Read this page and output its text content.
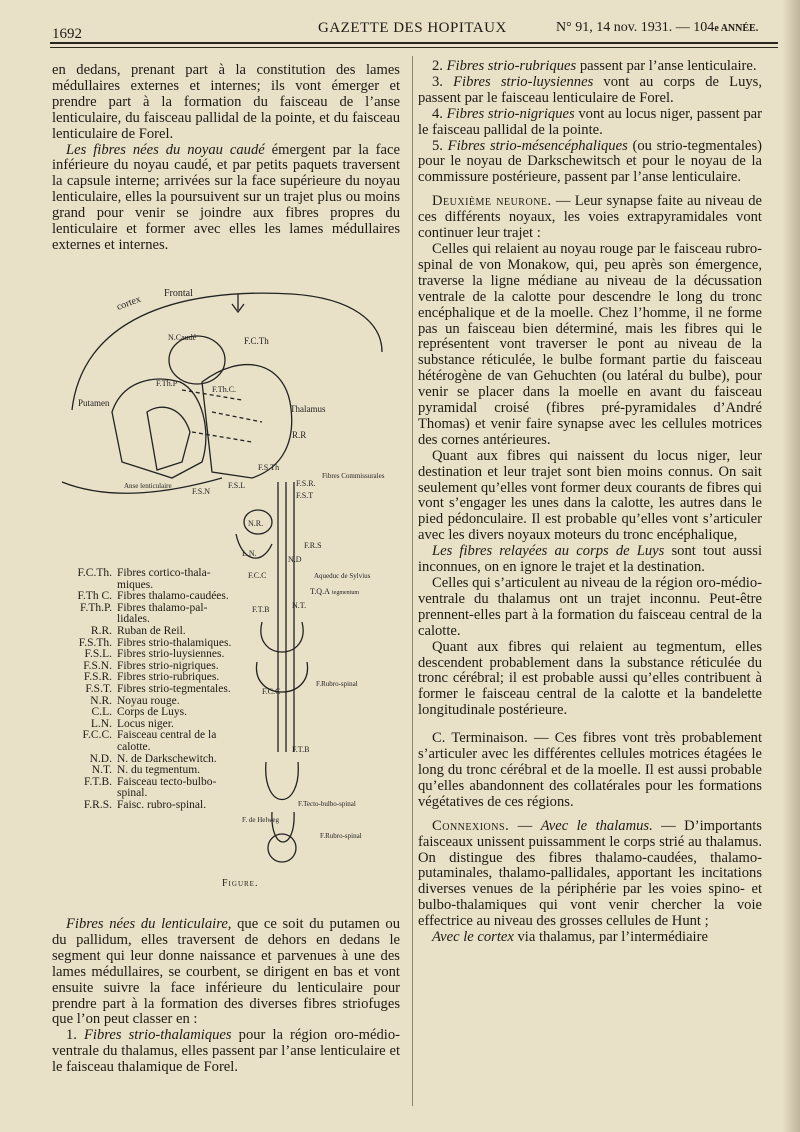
1692	GAZETTE DES HOPITAUX	N° 91, 14 nov. 1931. — 104e ANNÉE.

en dedans, prenant part à la constitution des lames médullaires externes et internes; ils vont émerger et prendre part à la formation du faisceau de l’anse lenticulaire, du faisceau pallidal de la pointe, et du faisceau lenticulaire de Forel.

Les fibres nées du noyau caudé émergent par la face inférieure du noyau caudé, et par petits paquets traversent la capsule interne; arrivées sur la face supérieure du noyau lenticulaire, elles la poursuivent sur un trajet plus ou moins grand pour venir se joindre aux fibres propres du lenticulaire et former avec elles les lames médullaires externes et internes.

cortex
Frontal
F.C.Th
N.Caudé
Putamen
F.Th.P
F.Th.C.
Thalamus
R.R
F.S.Th
Anse lenticulaire
F.S.N
F.S.L	F.S.R.
F.S.T
Fibres Commissurales
N.R.
L.N.
F.R.S
N.D
F.C.C	Aqueduc de Sylvius
T.Q.A tegmentum
F.T.B	N.T.
F.Rubro-spinal
F.C.C
F.T.B
F. de Helweg
F.Tecto-bulbo-spinal
F.Rubro-spinal
F.C.Th. Fibres cortico-thalamiques.
F.Th C. Fibres thalamo-caudées.
F.Th.P. Fibres thalamo-pallidales.
R.R. Ruban de Reil.
F.S.Th. Fibres strio-thalamiques.
F.S.L. Fibres strio-luysiennes.
F.S.N. Fibres strio-nigriques.
F.S.R. Fibres strio-rubriques.
F.S.T. Fibres strio-tegmentales.
N.R. Noyau rouge.
C.L. Corps de Luys.
L.N. Locus niger.
F.C.C. Faisceau central de la calotte.
N.D. N. de Darkschewitch.
N.T. N. du tegmentum.
F.T.B. Faisceau tecto-bulbo-spinal.
F.R.S. Faisc. rubro-spinal.
Figure.

Fibres nées du lenticulaire, que ce soit du putamen ou du pallidum, elles traversent de dehors en dedans le segment qui leur donne naissance et parvenues à une des lames médullaires, se courbent, se dirigent en bas et vont ensuite suivre la face inférieure du lenticulaire pour prendre part à la formation des diverses fibres striofuges que l’on peut classer en :

1. Fibres strio-thalamiques pour la région oro-médio-ventrale du thalamus, elles passent par l’anse lenticulaire et le faisceau thalamique de Forel.

2. Fibres strio-rubriques passent par l’anse lenticulaire.

3. Fibres strio-luysiennes vont au corps de Luys, passent par le faisceau lenticulaire de Forel.

4. Fibres strio-nigriques vont au locus niger, passent par le faisceau pallidal de la pointe.

5. Fibres strio-mésencéphaliques (ou strio-tegmentales) pour le noyau de Darkschewitsch et pour le noyau de la commissure postérieure, passent par l’anse lenticulaire.

Deuxième neurone. — Leur synapse faite au niveau de ces différents noyaux, les voies extrapyramidales vont continuer leur trajet :

Celles qui relaient au noyau rouge par le faisceau rubro-spinal de von Monakow, qui, peu après son émergence, traverse la ligne médiane au niveau de la décussation ventrale de la calotte pour descendre le long du tronc encéphalique et de la moelle. Chez l’homme, il ne forme pas un faisceau bien déterminé, mais les fibres qui le représentent vont traverser le pont au niveau de la substance réticulée, le bulbe formant partie du faisceau hétérogène de van Gehuchten (ou latéral du bulbe), pour venir se placer dans la moelle en avant du faisceau pyramidal croisé (fibres pré-pyramidales d’André Thomas) et venir faire synapse avec les cellules motrices des cornes antérieures.

Quant aux fibres qui naissent du locus niger, leur destination et leur trajet sont bien moins connus. On sait seulement qu’elles vont former deux courants de fibres qui vont s’engager les unes dans la calotte, les autres dans le pied pédonculaire. Il est probable qu’elles vont s’articuler avec les divers noyaux moteurs du tronc encéphalique,

Les fibres relayées au corps de Luys sont tout aussi inconnues, on en ignore le trajet et la destination.

Celles qui s’articulent au niveau de la région oro-médio-ventrale du thalamus ont un trajet inconnu. Peut-être prennent-elles part à la formation du faisceau central de la calotte.

Quant aux fibres qui relaient au tegmentum, elles descendent probablement dans la substance réticulée du tronc cérébral; il est probable aussi qu’elles contribuent à former le faisceau central de la calotte et la bandelette longitudinale postérieure.

C. Terminaison. — Ces fibres vont très probablement s’articuler avec les différentes cellules motrices étagées le long du tronc cérébral et de la moelle. Il est aussi probable qu’elles abandonnent des collatérales pour les formations végétatives de ces régions.

Connexions. — Avec le thalamus. — D’importants faisceaux unissent puissamment le corps strié au thalamus. On distingue des fibres thalamo-caudées, thalamo-putaminales, thalamo-pallidales, apportant les incitations diverses venues de la périphérie par les voies spino- et bulbo-thalamiques qui vont venir chercher la voie effectrice au niveau des grosses cellules de Hunt ;

Avec le cortex via thalamus, par l’intermédiaire
